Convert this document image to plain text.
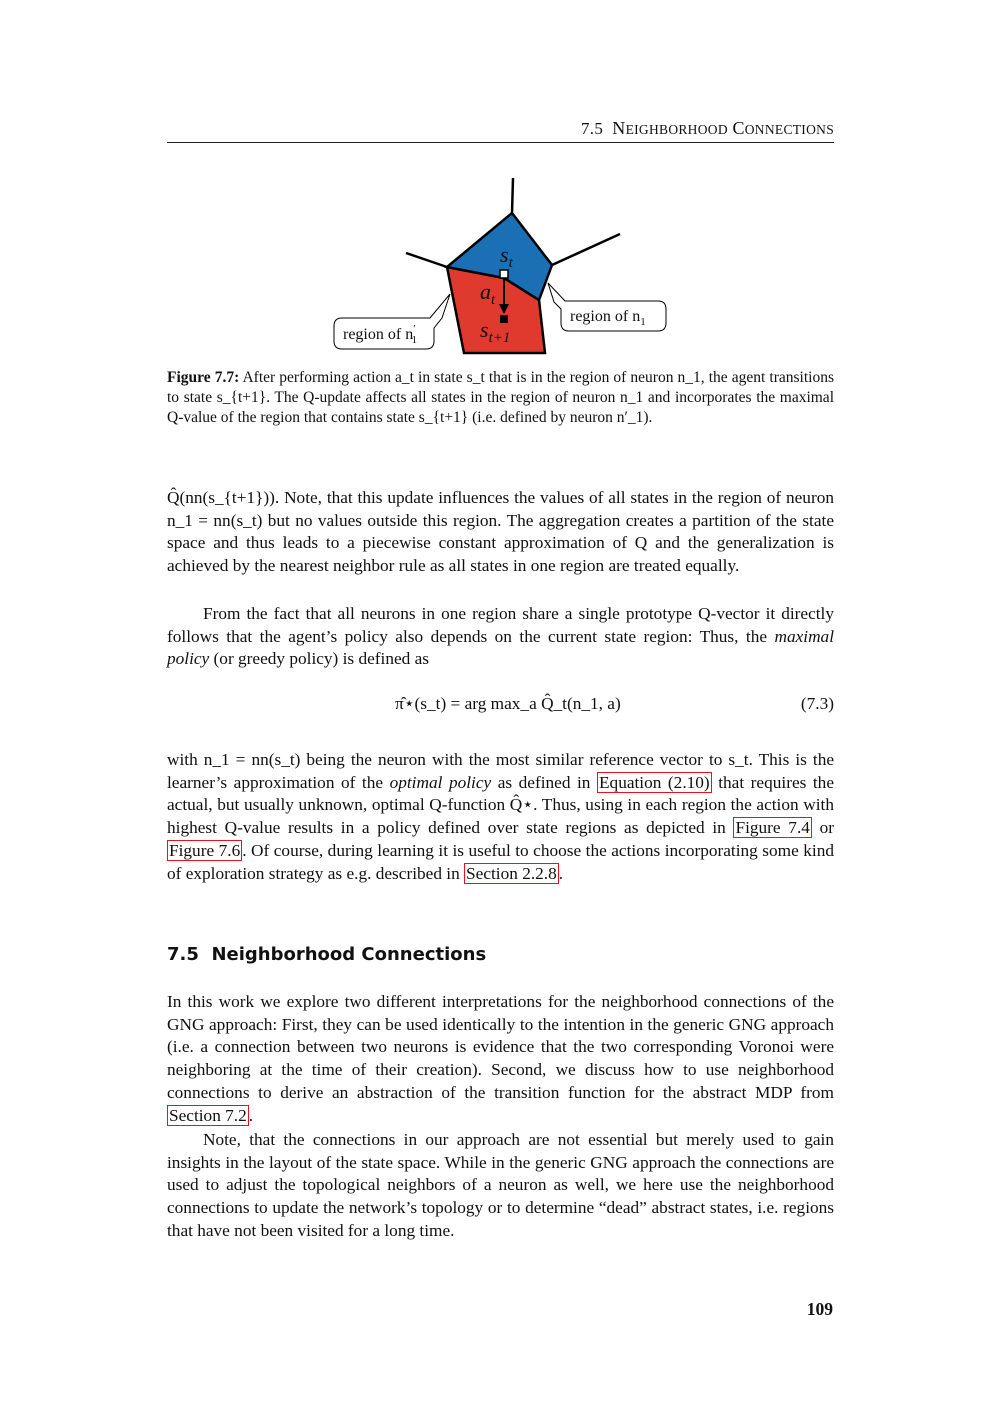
7.5 NEIGHBORHOOD CONNECTIONS
$s_t$
$a_t$
$s_{t+1}$
region of $n_1$
region of n′ 1
Figure 7.7: After performing action a_t in state s_t that is in the region of neuron n_1, the agent transitions to state s_{t+1}. The Q-update affects all states in the region of neuron n_1 and incorporates the maximal Q-value of the region that contains state s_{t+1} (i.e. defined by neuron n′_1).

Q̂(nn(s_{t+1})). Note, that this update influences the values of all states in the region of neuron n_1 = nn(s_t) but no values outside this region. The aggregation creates a partition of the state space and thus leads to a piecewise constant approximation of Q and the generalization is achieved by the nearest neighbor rule as all states in one region are treated equally.

From the fact that all neurons in one region share a single prototype Q-vector it directly follows that the agent’s policy also depends on the current state region: Thus, the maximal policy (or greedy policy) is defined as

π̂⋆(s_t) = arg max_a Q̂_t(n_1, a)	(7.3)

with n_1 = nn(s_t) being the neuron with the most similar reference vector to s_t. This is the learner’s approximation of the optimal policy as defined in Equation (2.10) that requires the actual, but usually unknown, optimal Q-function Q̂⋆. Thus, using in each region the action with highest Q-value results in a policy defined over state regions as depicted in Figure 7.4 or Figure 7.6 . Of course, during learning it is useful to choose the actions incorporating some kind of exploration strategy as e.g. described in Section 2.2.8 .

7.5 Neighborhood Connections

In this work we explore two different interpretations for the neighborhood connections of the GNG approach: First, they can be used identically to the intention in the generic GNG approach (i.e. a connection between two neurons is evidence that the two corresponding Voronoi were neighboring at the time of their creation). Second, we discuss how to use neighborhood connections to derive an abstraction of the transition function for the abstract MDP from Section 7.2 .

Note, that the connections in our approach are not essential but merely used to gain insights in the layout of the state space. While in the generic GNG approach the connections are used to adjust the topological neighbors of a neuron as well, we here use the neighborhood connections to update the network’s topology or to determine “dead” abstract states, i.e. regions that have not been visited for a long time.

109
